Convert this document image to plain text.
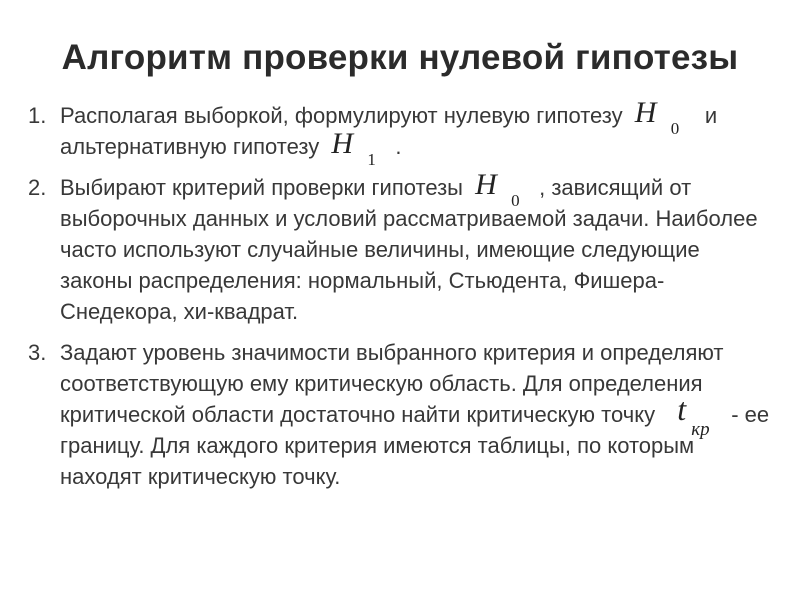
Алгоритм проверки нулевой гипотезы
1. Располагая выборкой, формулируют нулевую гипотезу H 0
и альтернативную гипотезу H 1
.
2. Выбирают критерий проверки гипотезы H 0
, зависящий от выборочных данных и условий рассматриваемой задачи. Наиболее часто используют случайные величины, имеющие следующие законы распределения: нормальный, Стьюдента, Фишера-Снедекора, хи-квадрат.
3. Задают уровень значимости выбранного критерия и определяют соответствующую ему критическую область. Для определения критической области достаточно найти критическую точку t
кр
- ее границу. Для каждого критерия имеются таблицы, по которым находят критическую точку.
